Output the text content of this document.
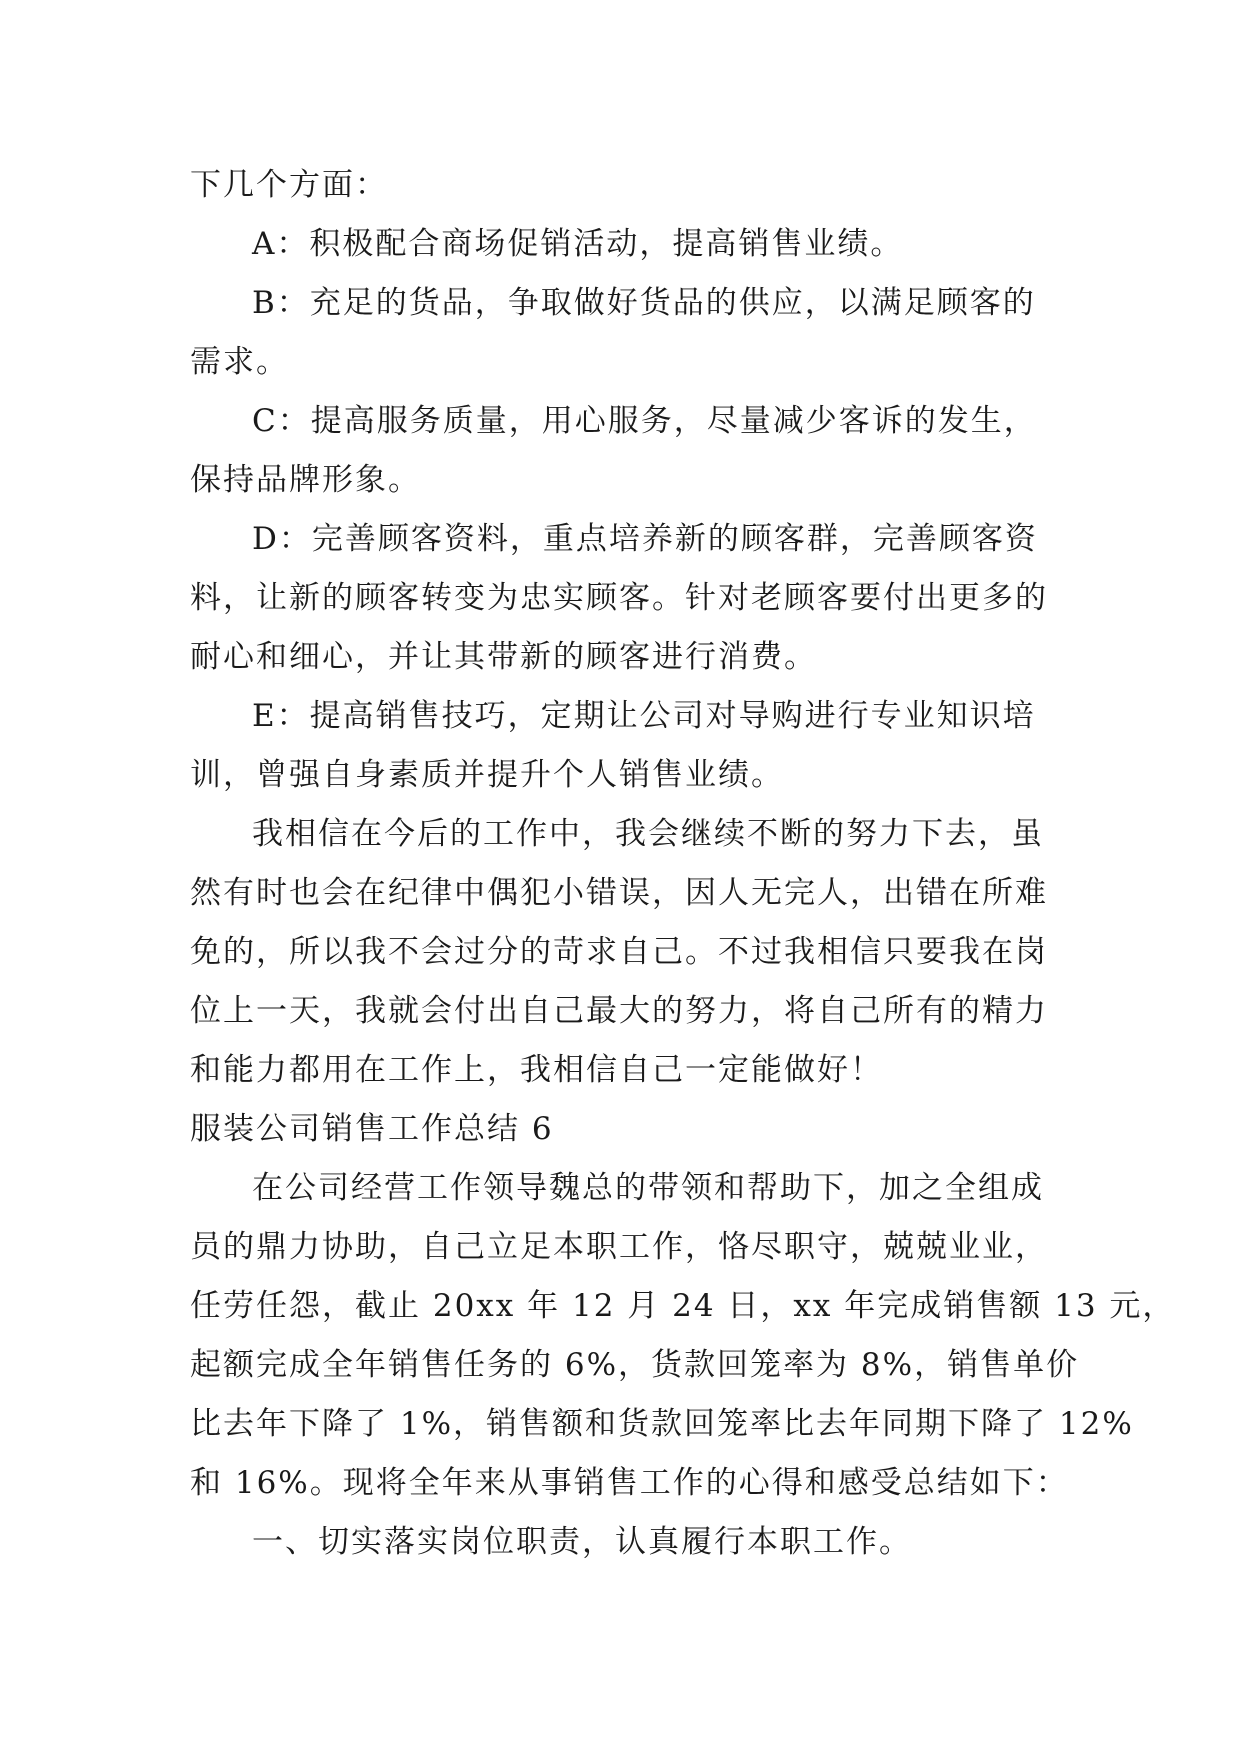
下几个方面：
A：积极配合商场促销活动，提高销售业绩。
B：充足的货品，争取做好货品的供应，以满足顾客的
需求。
C：提高服务质量，用心服务，尽量减少客诉的发生，
保持品牌形象。
D：完善顾客资料，重点培养新的顾客群，完善顾客资
料，让新的顾客转变为忠实顾客。针对老顾客要付出更多的
耐心和细心，并让其带新的顾客进行消费。
E：提高销售技巧，定期让公司对导购进行专业知识培
训，曾强自身素质并提升个人销售业绩。
我相信在今后的工作中，我会继续不断的努力下去，虽
然有时也会在纪律中偶犯小错误，因人无完人，出错在所难
免的，所以我不会过分的苛求自己。不过我相信只要我在岗
位上一天，我就会付出自己最大的努力，将自己所有的精力
和能力都用在工作上，我相信自己一定能做好！
服装公司销售工作总结 6
在公司经营工作领导魏总的带领和帮助下，加之全组成
员的鼎力协助，自己立足本职工作，恪尽职守，兢兢业业，
任劳任怨，截止 20xx 年 12 月 24 日，xx 年完成销售额 13 元，
起额完成全年销售任务的 6%，货款回笼率为 8%，销售单价
比去年下降了 1%，销售额和货款回笼率比去年同期下降了 12%
和 16%。现将全年来从事销售工作的心得和感受总结如下：
一、切实落实岗位职责，认真履行本职工作。
